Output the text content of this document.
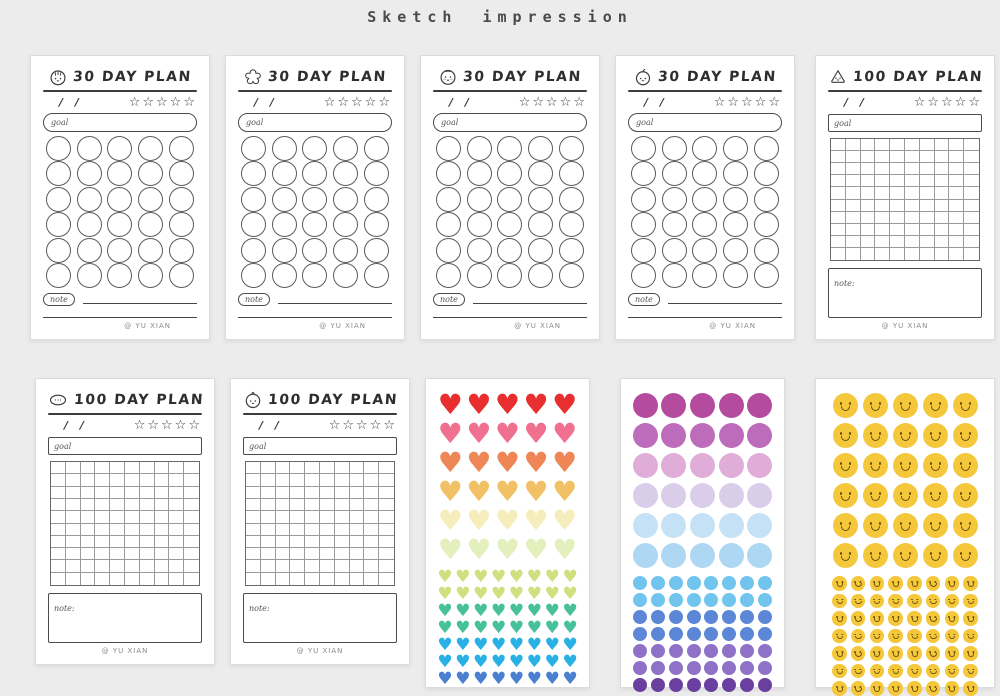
Sketch impression
30 DAY PLAN
/ /	☆☆☆☆☆
goal
note
@ YU XIAN
30 DAY PLAN
/ /	☆☆☆☆☆
goal
note
@ YU XIAN
30 DAY PLAN
/ /	☆☆☆☆☆
goal
note
@ YU XIAN
30 DAY PLAN
/ /	☆☆☆☆☆
goal
note
@ YU XIAN
100 DAY PLAN
/ /	☆☆☆☆☆
goal
note:
@ YU XIAN
100 DAY PLAN
/ /	☆☆☆☆☆
goal
note:
@ YU XIAN
100 DAY PLAN
/ /	☆☆☆☆☆
goal
note:
@ YU XIAN
♥ ♥ ♥ ♥ ♥
♥ ♥ ♥ ♥ ♥
♥ ♥ ♥ ♥ ♥
♥ ♥ ♥ ♥ ♥
♥ ♥ ♥ ♥ ♥
♥ ♥ ♥ ♥ ♥
♥ ♥ ♥ ♥ ♥ ♥ ♥ ♥
♥ ♥ ♥ ♥ ♥ ♥ ♥ ♥
♥ ♥ ♥ ♥ ♥ ♥ ♥ ♥
♥ ♥ ♥ ♥ ♥ ♥ ♥ ♥
♥ ♥ ♥ ♥ ♥ ♥ ♥ ♥
♥ ♥ ♥ ♥ ♥ ♥ ♥ ♥
♥ ♥ ♥ ♥ ♥ ♥ ♥ ♥
